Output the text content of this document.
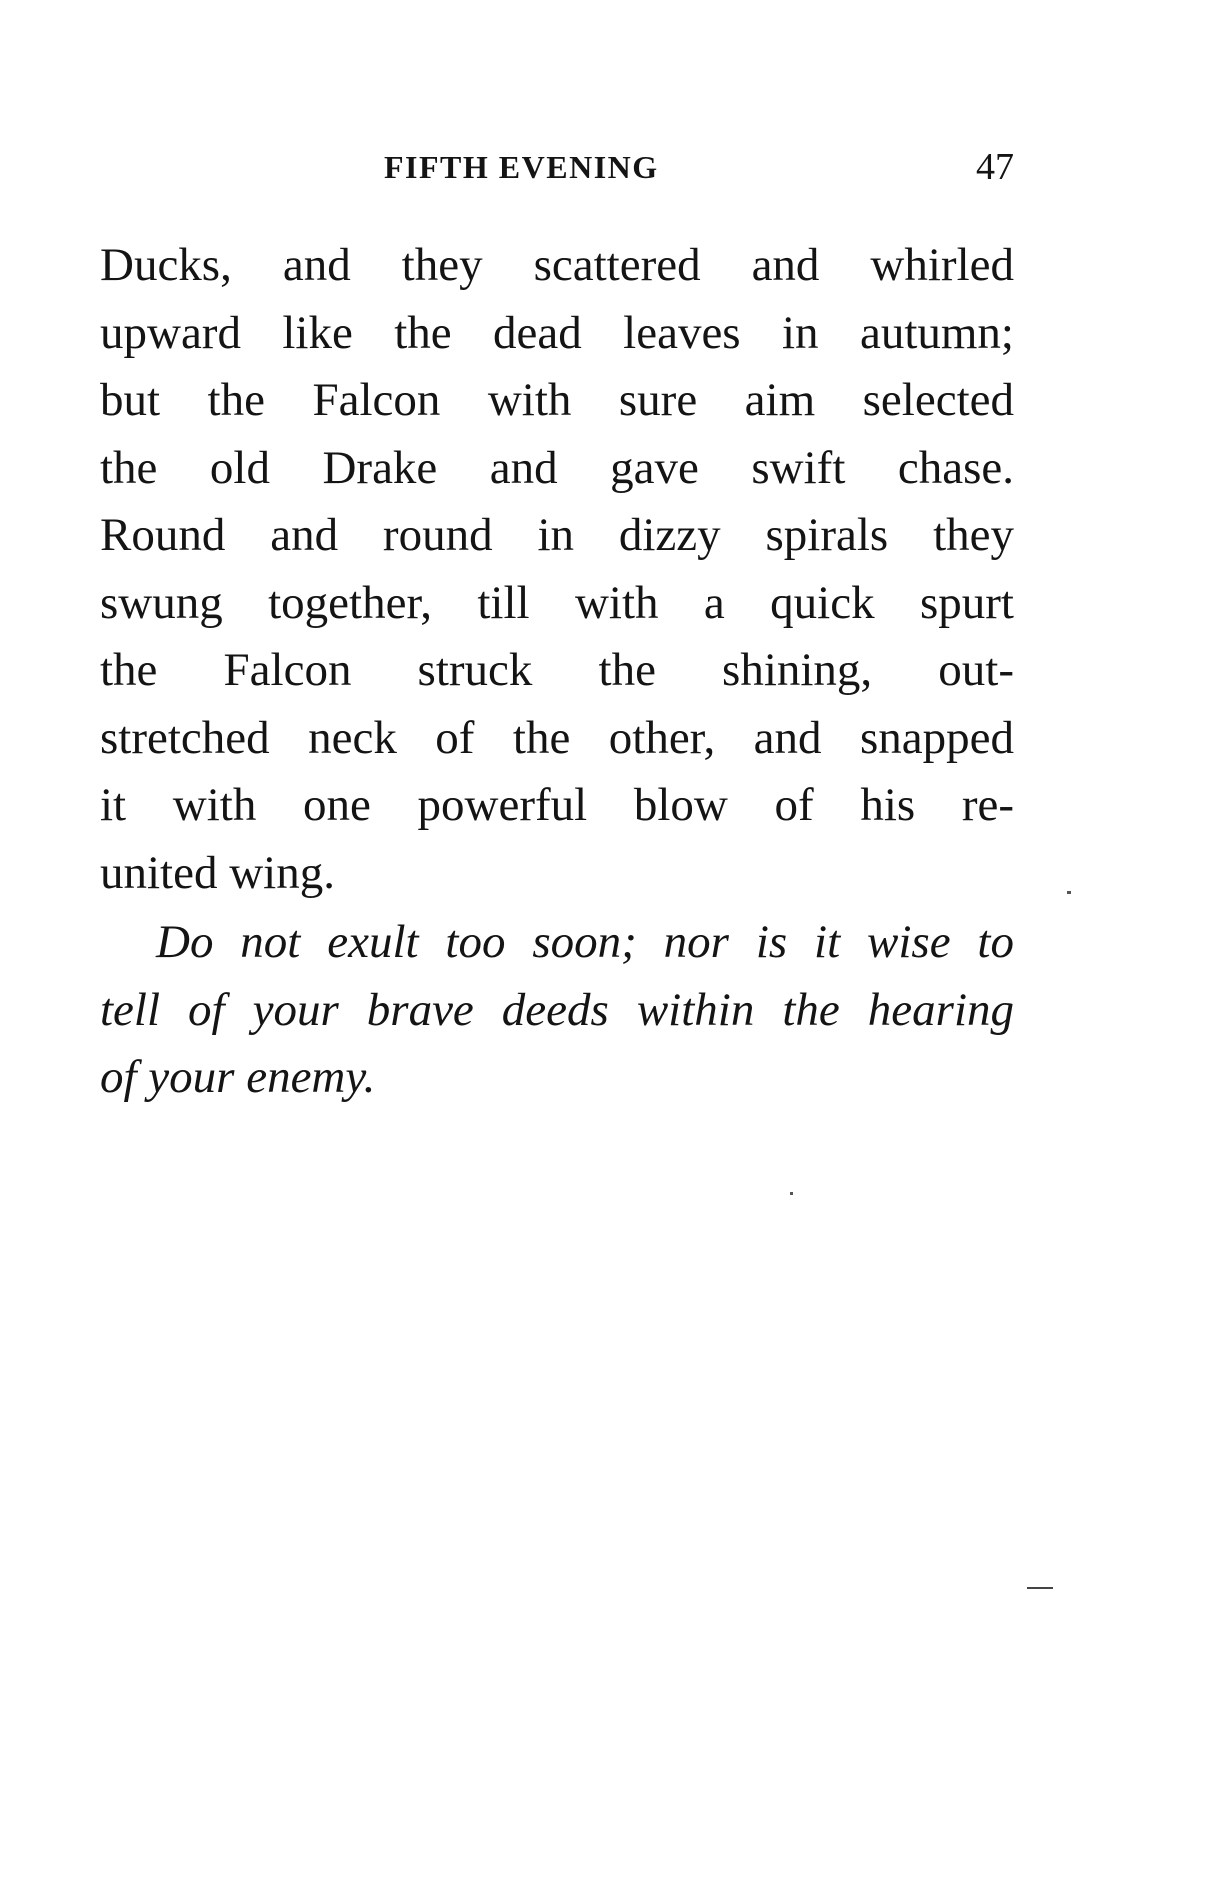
FIFTH EVENING	47
Ducks, and they scattered and whirled
upward like the dead leaves in autumn;
but the Falcon with sure aim selected
the old Drake and gave swift chase.
Round and round in dizzy spirals they
swung together, till with a quick spurt
the Falcon struck the shining, out-
stretched neck of the other, and snapped
it with one powerful blow of his re-
united wing.
Do not exult too soon; nor is it wise to
tell of your brave deeds within the hearing
of your enemy.
